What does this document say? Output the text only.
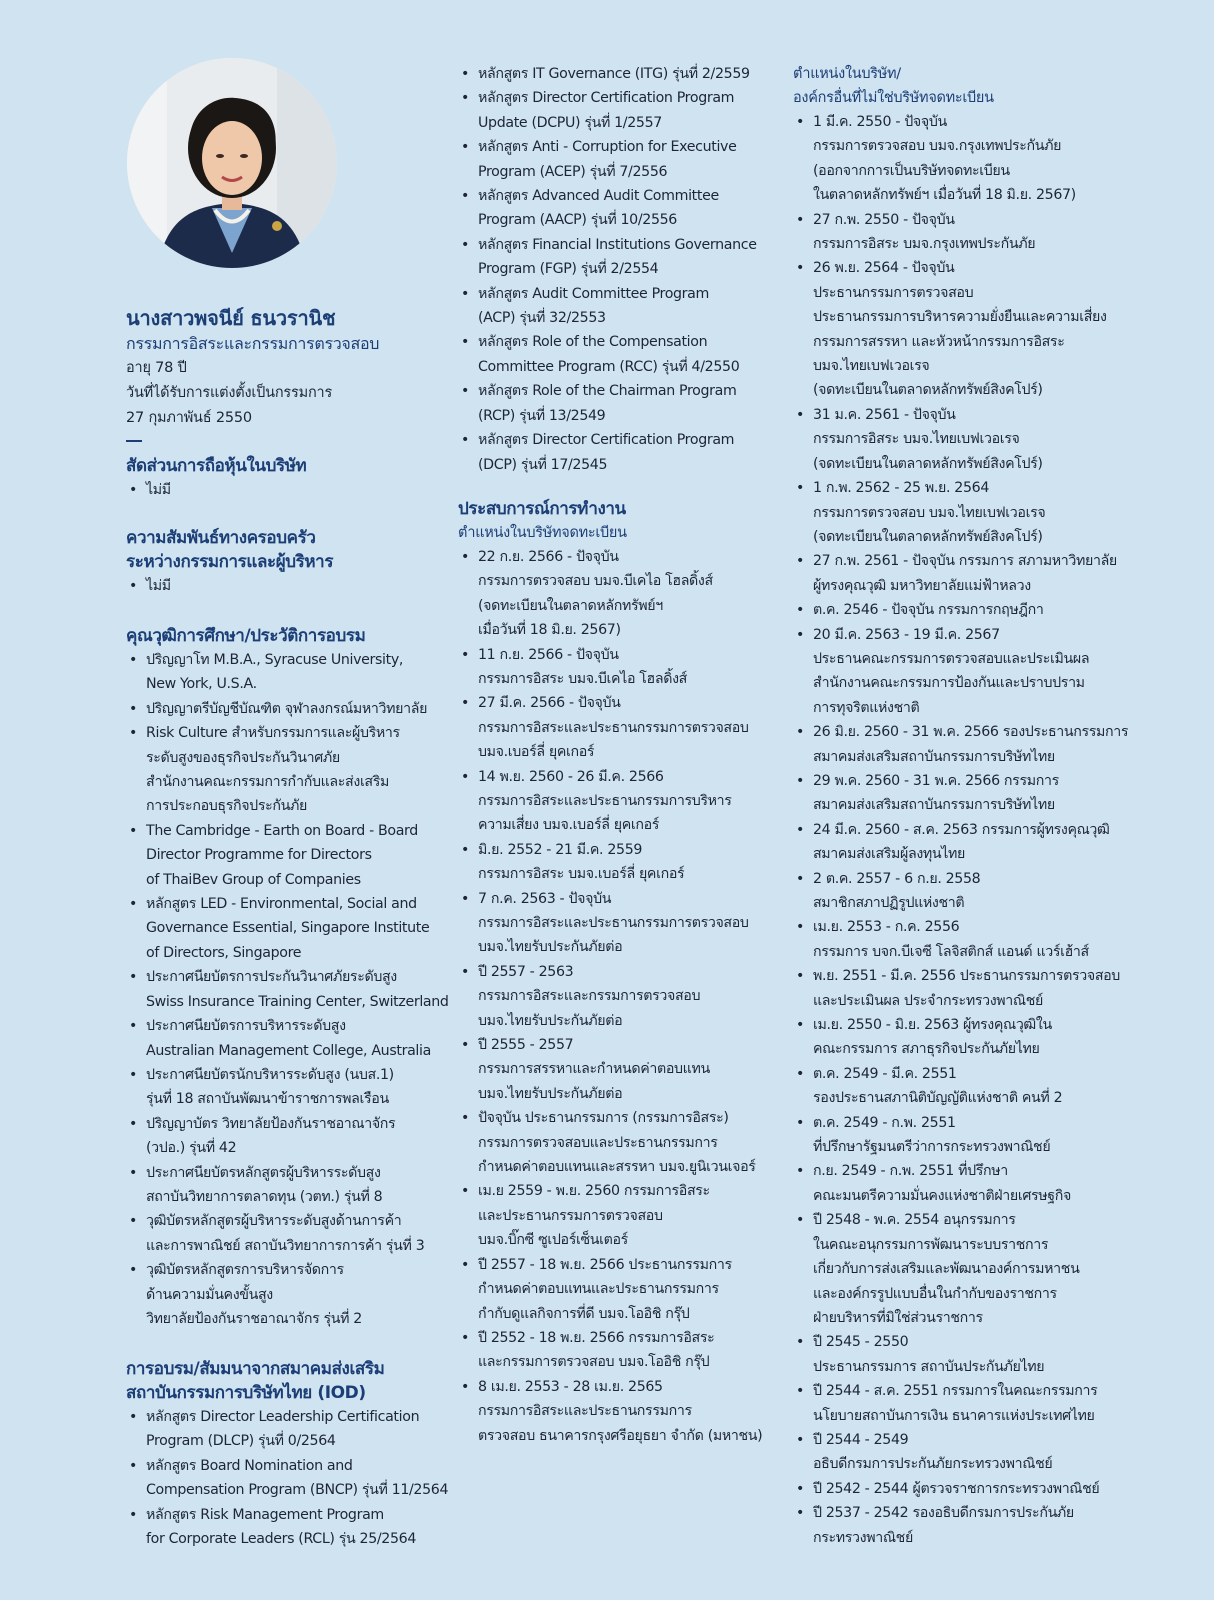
นางสาวพจนีย์ ธนวรานิช
กรรมการอิสระและกรรมการตรวจสอบ
อายุ 78 ปี
วันที่ได้รับการแต่งตั้งเป็นกรรมการ
27 กุมภาพันธ์ 2550
สัดส่วนการถือหุ้นในบริษัท
• ไม่มี
ความสัมพันธ์ทางครอบครัว
ระหว่างกรรมการและผู้บริหาร
• ไม่มี
คุณวุฒิการศึกษา/ประวัติการอบรม
• ปริญญาโท M.B.A., Syracuse University,
New York, U.S.A.
• ปริญญาตรีบัญชีบัณฑิต จุฬาลงกรณ์มหาวิทยาลัย
• Risk Culture สำหรับกรรมการและผู้บริหาร
ระดับสูงของธุรกิจประกันวินาศภัย
สำนักงานคณะกรรมการกำกับและส่งเสริม
การประกอบธุรกิจประกันภัย
• The Cambridge - Earth on Board - Board
Director Programme for Directors
of ThaiBev Group of Companies
• หลักสูตร LED - Environmental, Social and
Governance Essential, Singapore Institute
of Directors, Singapore
• ประกาศนียบัตรการประกันวินาศภัยระดับสูง
Swiss Insurance Training Center, Switzerland
• ประกาศนียบัตรการบริหารระดับสูง
Australian Management College, Australia
• ประกาศนียบัตรนักบริหารระดับสูง (นบส.1)
รุ่นที่ 18 สถาบันพัฒนาข้าราชการพลเรือน
• ปริญญาบัตร วิทยาลัยป้องกันราชอาณาจักร
(วปอ.) รุ่นที่ 42
• ประกาศนียบัตรหลักสูตรผู้บริหารระดับสูง
สถาบันวิทยาการตลาดทุน (วตท.) รุ่นที่ 8
• วุฒิบัตรหลักสูตรผู้บริหารระดับสูงด้านการค้า
และการพาณิชย์ สถาบันวิทยาการการค้า รุ่นที่ 3
• วุฒิบัตรหลักสูตรการบริหารจัดการ
ด้านความมั่นคงขั้นสูง
วิทยาลัยป้องกันราชอาณาจักร รุ่นที่ 2
การอบรม/สัมมนาจากสมาคมส่งเสริม
สถาบันกรรมการบริษัทไทย (IOD)
• หลักสูตร Director Leadership Certification
Program (DLCP) รุ่นที่ 0/2564
• หลักสูตร Board Nomination and
Compensation Program (BNCP) รุ่นที่ 11/2564
• หลักสูตร Risk Management Program
for Corporate Leaders (RCL) รุ่น 25/2564
• หลักสูตร IT Governance (ITG) รุ่นที่ 2/2559
• หลักสูตร Director Certification Program
Update (DCPU) รุ่นที่ 1/2557
• หลักสูตร Anti - Corruption for Executive
Program (ACEP) รุ่นที่ 7/2556
• หลักสูตร Advanced Audit Committee
Program (AACP) รุ่นที่ 10/2556
• หลักสูตร Financial Institutions Governance
Program (FGP) รุ่นที่ 2/2554
• หลักสูตร Audit Committee Program
(ACP) รุ่นที่ 32/2553
• หลักสูตร Role of the Compensation
Committee Program (RCC) รุ่นที่ 4/2550
• หลักสูตร Role of the Chairman Program
(RCP) รุ่นที่ 13/2549
• หลักสูตร Director Certification Program
(DCP) รุ่นที่ 17/2545
ประสบการณ์การทำงาน
ตำแหน่งในบริษัทจดทะเบียน
• 22 ก.ย. 2566 - ปัจจุบัน
กรรมการตรวจสอบ บมจ.บีเคไอ โฮลดิ้งส์
(จดทะเบียนในตลาดหลักทรัพย์ฯ
เมื่อวันที่ 18 มิ.ย. 2567)
• 11 ก.ย. 2566 - ปัจจุบัน
กรรมการอิสระ บมจ.บีเคไอ โฮลดิ้งส์
• 27 มี.ค. 2566 - ปัจจุบัน
กรรมการอิสระและประธานกรรมการตรวจสอบ
บมจ.เบอร์ลี่ ยุคเกอร์
• 14 พ.ย. 2560 - 26 มี.ค. 2566
กรรมการอิสระและประธานกรรมการบริหาร
ความเสี่ยง บมจ.เบอร์ลี่ ยุคเกอร์
• มิ.ย. 2552 - 21 มี.ค. 2559
กรรมการอิสระ บมจ.เบอร์ลี่ ยุคเกอร์
• 7 ก.ค. 2563 - ปัจจุบัน
กรรมการอิสระและประธานกรรมการตรวจสอบ
บมจ.ไทยรับประกันภัยต่อ
• ปี 2557 - 2563
กรรมการอิสระและกรรมการตรวจสอบ
บมจ.ไทยรับประกันภัยต่อ
• ปี 2555 - 2557
กรรมการสรรหาและกำหนดค่าตอบแทน
บมจ.ไทยรับประกันภัยต่อ
• ปัจจุบัน ประธานกรรมการ (กรรมการอิสระ)
กรรมการตรวจสอบและประธานกรรมการ
กำหนดค่าตอบแทนและสรรหา บมจ.ยูนิเวนเจอร์
• เม.ย 2559 - พ.ย. 2560 กรรมการอิสระ
และประธานกรรมการตรวจสอบ
บมจ.บิ๊กซี ซูเปอร์เซ็นเตอร์
• ปี 2557 - 18 พ.ย. 2566 ประธานกรรมการ
กำหนดค่าตอบแทนและประธานกรรมการ
กำกับดูแลกิจการที่ดี บมจ.โออิชิ กรุ๊ป
• ปี 2552 - 18 พ.ย. 2566 กรรมการอิสระ
และกรรมการตรวจสอบ บมจ.โออิชิ กรุ๊ป
• 8 เม.ย. 2553 - 28 เม.ย. 2565
กรรมการอิสระและประธานกรรมการ
ตรวจสอบ ธนาคารกรุงศรีอยุธยา จำกัด (มหาชน)
ตำแหน่งในบริษัท/
องค์กรอื่นที่ไม่ใช่บริษัทจดทะเบียน
• 1 มี.ค. 2550 - ปัจจุบัน
กรรมการตรวจสอบ บมจ.กรุงเทพประกันภัย
(ออกจากการเป็นบริษัทจดทะเบียน
ในตลาดหลักทรัพย์ฯ เมื่อวันที่ 18 มิ.ย. 2567)
• 27 ก.พ. 2550 - ปัจจุบัน
กรรมการอิสระ บมจ.กรุงเทพประกันภัย
• 26 พ.ย. 2564 - ปัจจุบัน
ประธานกรรมการตรวจสอบ
ประธานกรรมการบริหารความยั่งยืนและความเสี่ยง
กรรมการสรรหา และหัวหน้ากรรมการอิสระ
บมจ.ไทยเบฟเวอเรจ
(จดทะเบียนในตลาดหลักทรัพย์สิงคโปร์)
• 31 ม.ค. 2561 - ปัจจุบัน
กรรมการอิสระ บมจ.ไทยเบฟเวอเรจ
(จดทะเบียนในตลาดหลักทรัพย์สิงคโปร์)
• 1 ก.พ. 2562 - 25 พ.ย. 2564
กรรมการตรวจสอบ บมจ.ไทยเบฟเวอเรจ
(จดทะเบียนในตลาดหลักทรัพย์สิงคโปร์)
• 27 ก.พ. 2561 - ปัจจุบัน กรรมการ สภามหาวิทยาลัย
ผู้ทรงคุณวุฒิ มหาวิทยาลัยแม่ฟ้าหลวง
• ต.ค. 2546 - ปัจจุบัน กรรมการกฤษฎีกา
• 20 มี.ค. 2563 - 19 มี.ค. 2567
ประธานคณะกรรมการตรวจสอบและประเมินผล
สำนักงานคณะกรรมการป้องกันและปราบปราม
การทุจริตแห่งชาติ
• 26 มิ.ย. 2560 - 31 พ.ค. 2566 รองประธานกรรมการ
สมาคมส่งเสริมสถาบันกรรมการบริษัทไทย
• 29 พ.ค. 2560 - 31 พ.ค. 2566 กรรมการ
สมาคมส่งเสริมสถาบันกรรมการบริษัทไทย
• 24 มี.ค. 2560 - ส.ค. 2563 กรรมการผู้ทรงคุณวุฒิ
สมาคมส่งเสริมผู้ลงทุนไทย
• 2 ต.ค. 2557 - 6 ก.ย. 2558
สมาชิกสภาปฏิรูปแห่งชาติ
• เม.ย. 2553 - ก.ค. 2556
กรรมการ บจก.บีเจซี โลจิสติกส์ แอนด์ แวร์เฮ้าส์
• พ.ย. 2551 - มี.ค. 2556 ประธานกรรมการตรวจสอบ
และประเมินผล ประจำกระทรวงพาณิชย์
• เม.ย. 2550 - มิ.ย. 2563 ผู้ทรงคุณวุฒิใน
คณะกรรมการ สภาธุรกิจประกันภัยไทย
• ต.ค. 2549 - มี.ค. 2551
รองประธานสภานิติบัญญัติแห่งชาติ คนที่ 2
• ต.ค. 2549 - ก.พ. 2551
ที่ปรึกษารัฐมนตรีว่าการกระทรวงพาณิชย์
• ก.ย. 2549 - ก.พ. 2551 ที่ปรึกษา
คณะมนตรีความมั่นคงแห่งชาติฝ่ายเศรษฐกิจ
• ปี 2548 - พ.ค. 2554 อนุกรรมการ
ในคณะอนุกรรมการพัฒนาระบบราชการ
เกี่ยวกับการส่งเสริมและพัฒนาองค์การมหาชน
และองค์กรรูปแบบอื่นในกำกับของราชการ
ฝ่ายบริหารที่มิใช่ส่วนราชการ
• ปี 2545 - 2550
ประธานกรรมการ สถาบันประกันภัยไทย
• ปี 2544 - ส.ค. 2551 กรรมการในคณะกรรมการ
นโยบายสถาบันการเงิน ธนาคารแห่งประเทศไทย
• ปี 2544 - 2549
อธิบดีกรมการประกันภัยกระทรวงพาณิชย์
• ปี 2542 - 2544 ผู้ตรวจราชการกระทรวงพาณิชย์
• ปี 2537 - 2542 รองอธิบดีกรมการประกันภัย
กระทรวงพาณิชย์
